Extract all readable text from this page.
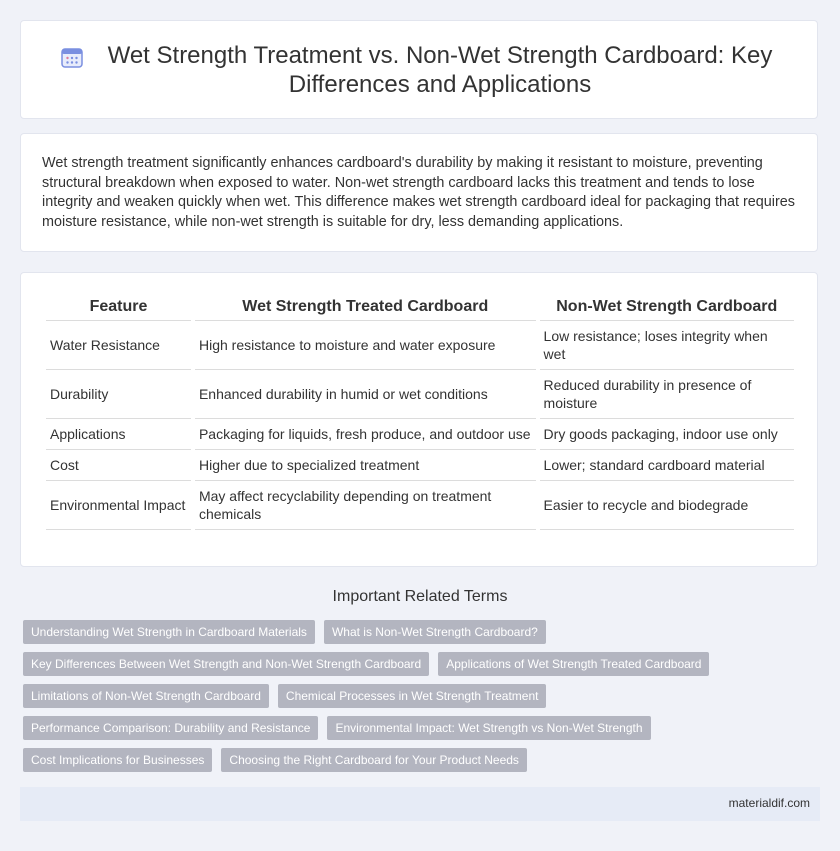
Wet Strength Treatment vs. Non-Wet Strength Cardboard: Key Differences and Applications

Wet strength treatment significantly enhances cardboard's durability by making it resistant to moisture, preventing structural breakdown when exposed to water. Non-wet strength cardboard lacks this treatment and tends to lose integrity and weaken quickly when wet. This difference makes wet strength cardboard ideal for packaging that requires moisture resistance, while non-wet strength is suitable for dry, less demanding applications.

Feature	Wet Strength Treated Cardboard	Non-Wet Strength Cardboard
Water Resistance	High resistance to moisture and water exposure	Low resistance; loses integrity when wet
Durability	Enhanced durability in humid or wet conditions	Reduced durability in presence of moisture
Applications	Packaging for liquids, fresh produce, and outdoor use	Dry goods packaging, indoor use only
Cost	Higher due to specialized treatment	Lower; standard cardboard material
Environmental Impact	May affect recyclability depending on treatment chemicals	Easier to recycle and biodegrade
Important Related Terms
Understanding Wet Strength in Cardboard Materials	What is Non-Wet Strength Cardboard?
Key Differences Between Wet Strength and Non-Wet Strength Cardboard	Applications of Wet Strength Treated Cardboard
Limitations of Non-Wet Strength Cardboard	Chemical Processes in Wet Strength Treatment
Performance Comparison: Durability and Resistance	Environmental Impact: Wet Strength vs Non-Wet Strength
Cost Implications for Businesses	Choosing the Right Cardboard for Your Product Needs
materialdif.com
